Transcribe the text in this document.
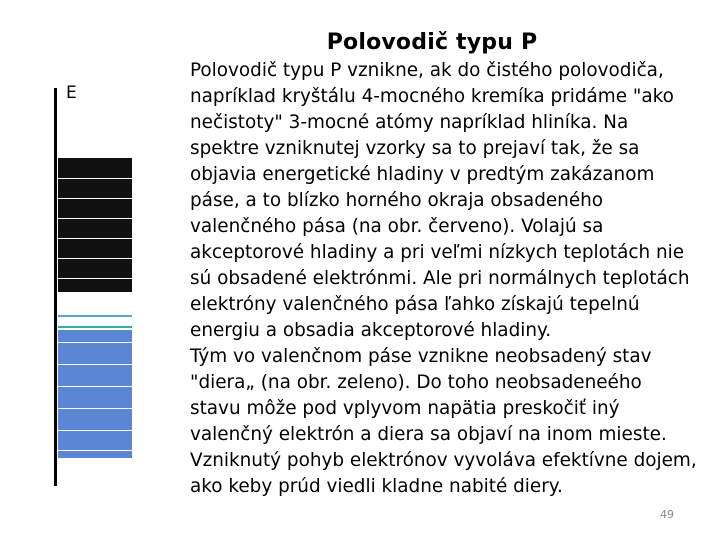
Polovodič typu P
E
Polovodič typu P vznikne, ak do čistého polovodiča,
napríklad kryštálu 4-mocného kremíka pridáme "ako
nečistoty" 3-mocné atómy napríklad hliníka. Na
spektre vzniknutej vzorky sa to prejaví tak, že sa
objavia energetické hladiny v predtým zakázanom
páse, a to blízko horného okraja obsadeného
valenčného pása (na obr. červeno). Volajú sa
akceptorové hladiny a pri veľmi nízkych teplotách nie
sú obsadené elektrónmi. Ale pri normálnych teplotách
elektróny valenčného pása ľahko získajú tepelnú
energiu a obsadia akceptorové hladiny.
Tým vo valenčnom páse vznikne neobsadený stav
"diera„ (na obr. zeleno). Do toho neobsadeneého
stavu môže pod vplyvom napätia preskočiť iný
valenčný elektrón a diera sa objaví na inom mieste.
Vzniknutý pohyb elektrónov vyvoláva efektívne dojem,
ako keby prúd viedli kladne nabité diery.
49
